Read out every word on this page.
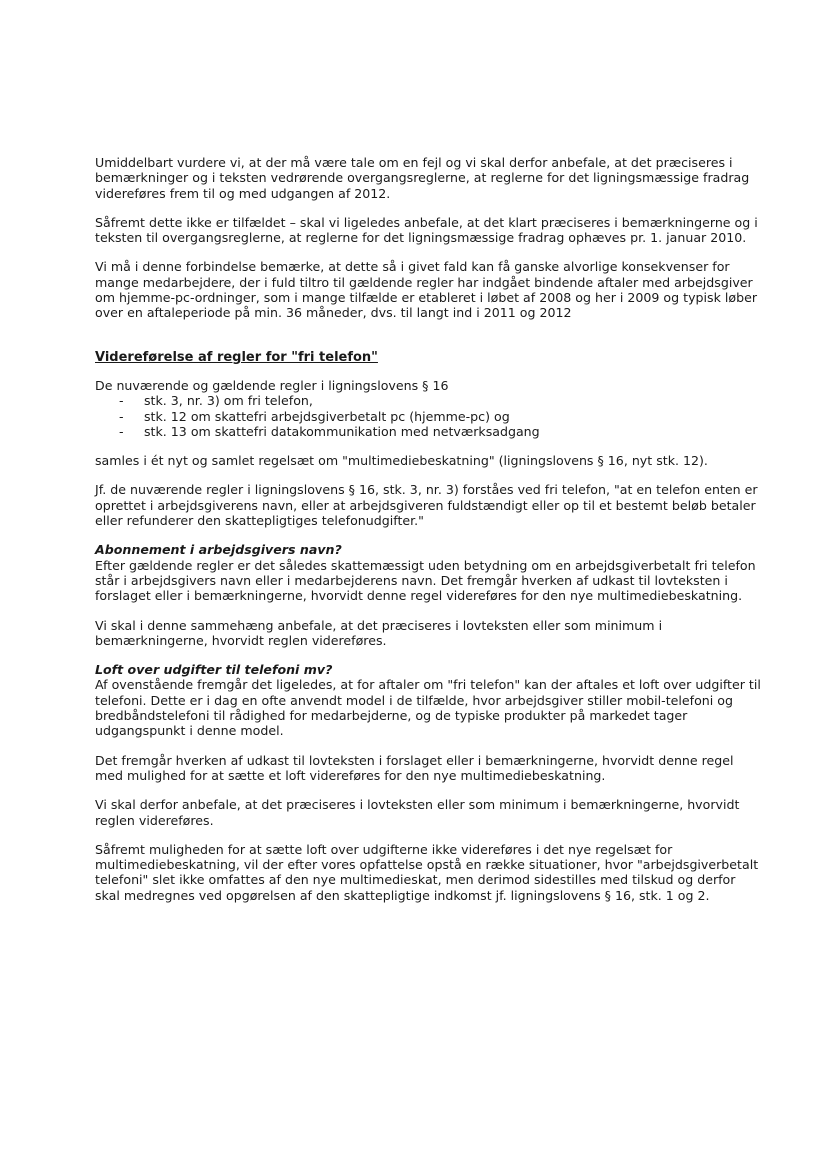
Umiddelbart vurdere vi, at der må være tale om en fejl og vi skal derfor anbefale, at det præciseres i bemærkninger og i teksten vedrørende overgangsreglerne, at reglerne for det ligningsmæssige fradrag videreføres frem til og med udgangen af 2012.

Såfremt dette ikke er tilfældet – skal vi ligeledes anbefale, at det klart præciseres i bemærkningerne og i teksten til overgangsreglerne, at reglerne for det ligningsmæssige fradrag ophæves pr. 1. januar 2010.

Vi må i denne forbindelse bemærke, at dette så i givet fald kan få ganske alvorlige konsekvenser for mange medarbejdere, der i fuld tiltro til gældende regler har indgået bindende aftaler med arbejdsgiver om hjemme-pc-ordninger, som i mange tilfælde er etableret i løbet af 2008 og her i 2009 og typisk løber over en aftaleperiode på min. 36 måneder, dvs. til langt ind i 2011 og 2012

Videreførelse af regler for "fri telefon"

De nuværende og gældende regler i ligningslovens § 16

- stk. 3, nr. 3) om fri telefon,
- stk. 12 om skattefri arbejdsgiverbetalt pc (hjemme-pc) og
- stk. 13 om skattefri datakommunikation med netværksadgang

samles i ét nyt og samlet regelsæt om "multimediebeskatning" (ligningslovens § 16, nyt stk. 12).

Jf. de nuværende regler i ligningslovens § 16, stk. 3, nr. 3) forståes ved fri telefon, "at en telefon enten er oprettet i arbejdsgiverens navn, eller at arbejdsgiveren fuldstændigt eller op til et bestemt beløb betaler eller refunderer den skattepligtiges telefonudgifter."

Abonnement i arbejdsgivers navn?

Efter gældende regler er det således skattemæssigt uden betydning om en arbejdsgiverbetalt fri telefon står i arbejdsgivers navn eller i medarbejderens navn. Det fremgår hverken af udkast til lovteksten i forslaget eller i bemærkningerne, hvorvidt denne regel videreføres for den nye multimediebeskatning.

Vi skal i denne sammehæng anbefale, at det præciseres i lovteksten eller som minimum i bemærkningerne, hvorvidt reglen videreføres.

Loft over udgifter til telefoni mv?

Af ovenstående fremgår det ligeledes, at for aftaler om "fri telefon" kan der aftales et loft over udgifter til telefoni. Dette er i dag en ofte anvendt model i de tilfælde, hvor arbejdsgiver stiller mobil-telefoni og bredbåndstelefoni til rådighed for medarbejderne, og de typiske produkter på markedet tager udgangspunkt i denne model.

Det fremgår hverken af udkast til lovteksten i forslaget eller i bemærkningerne, hvorvidt denne regel med mulighed for at sætte et loft videreføres for den nye multimediebeskatning.

Vi skal derfor anbefale, at det præciseres i lovteksten eller som minimum i bemærkningerne, hvorvidt reglen videreføres.

Såfremt muligheden for at sætte loft over udgifterne ikke videreføres i det nye regelsæt for multimediebeskatning, vil der efter vores opfattelse opstå en række situationer, hvor "arbejdsgiverbetalt telefoni" slet ikke omfattes af den nye multimedieskat, men derimod sidestilles med tilskud og derfor skal medregnes ved opgørelsen af den skattepligtige indkomst jf. ligningslovens § 16, stk. 1 og 2.
